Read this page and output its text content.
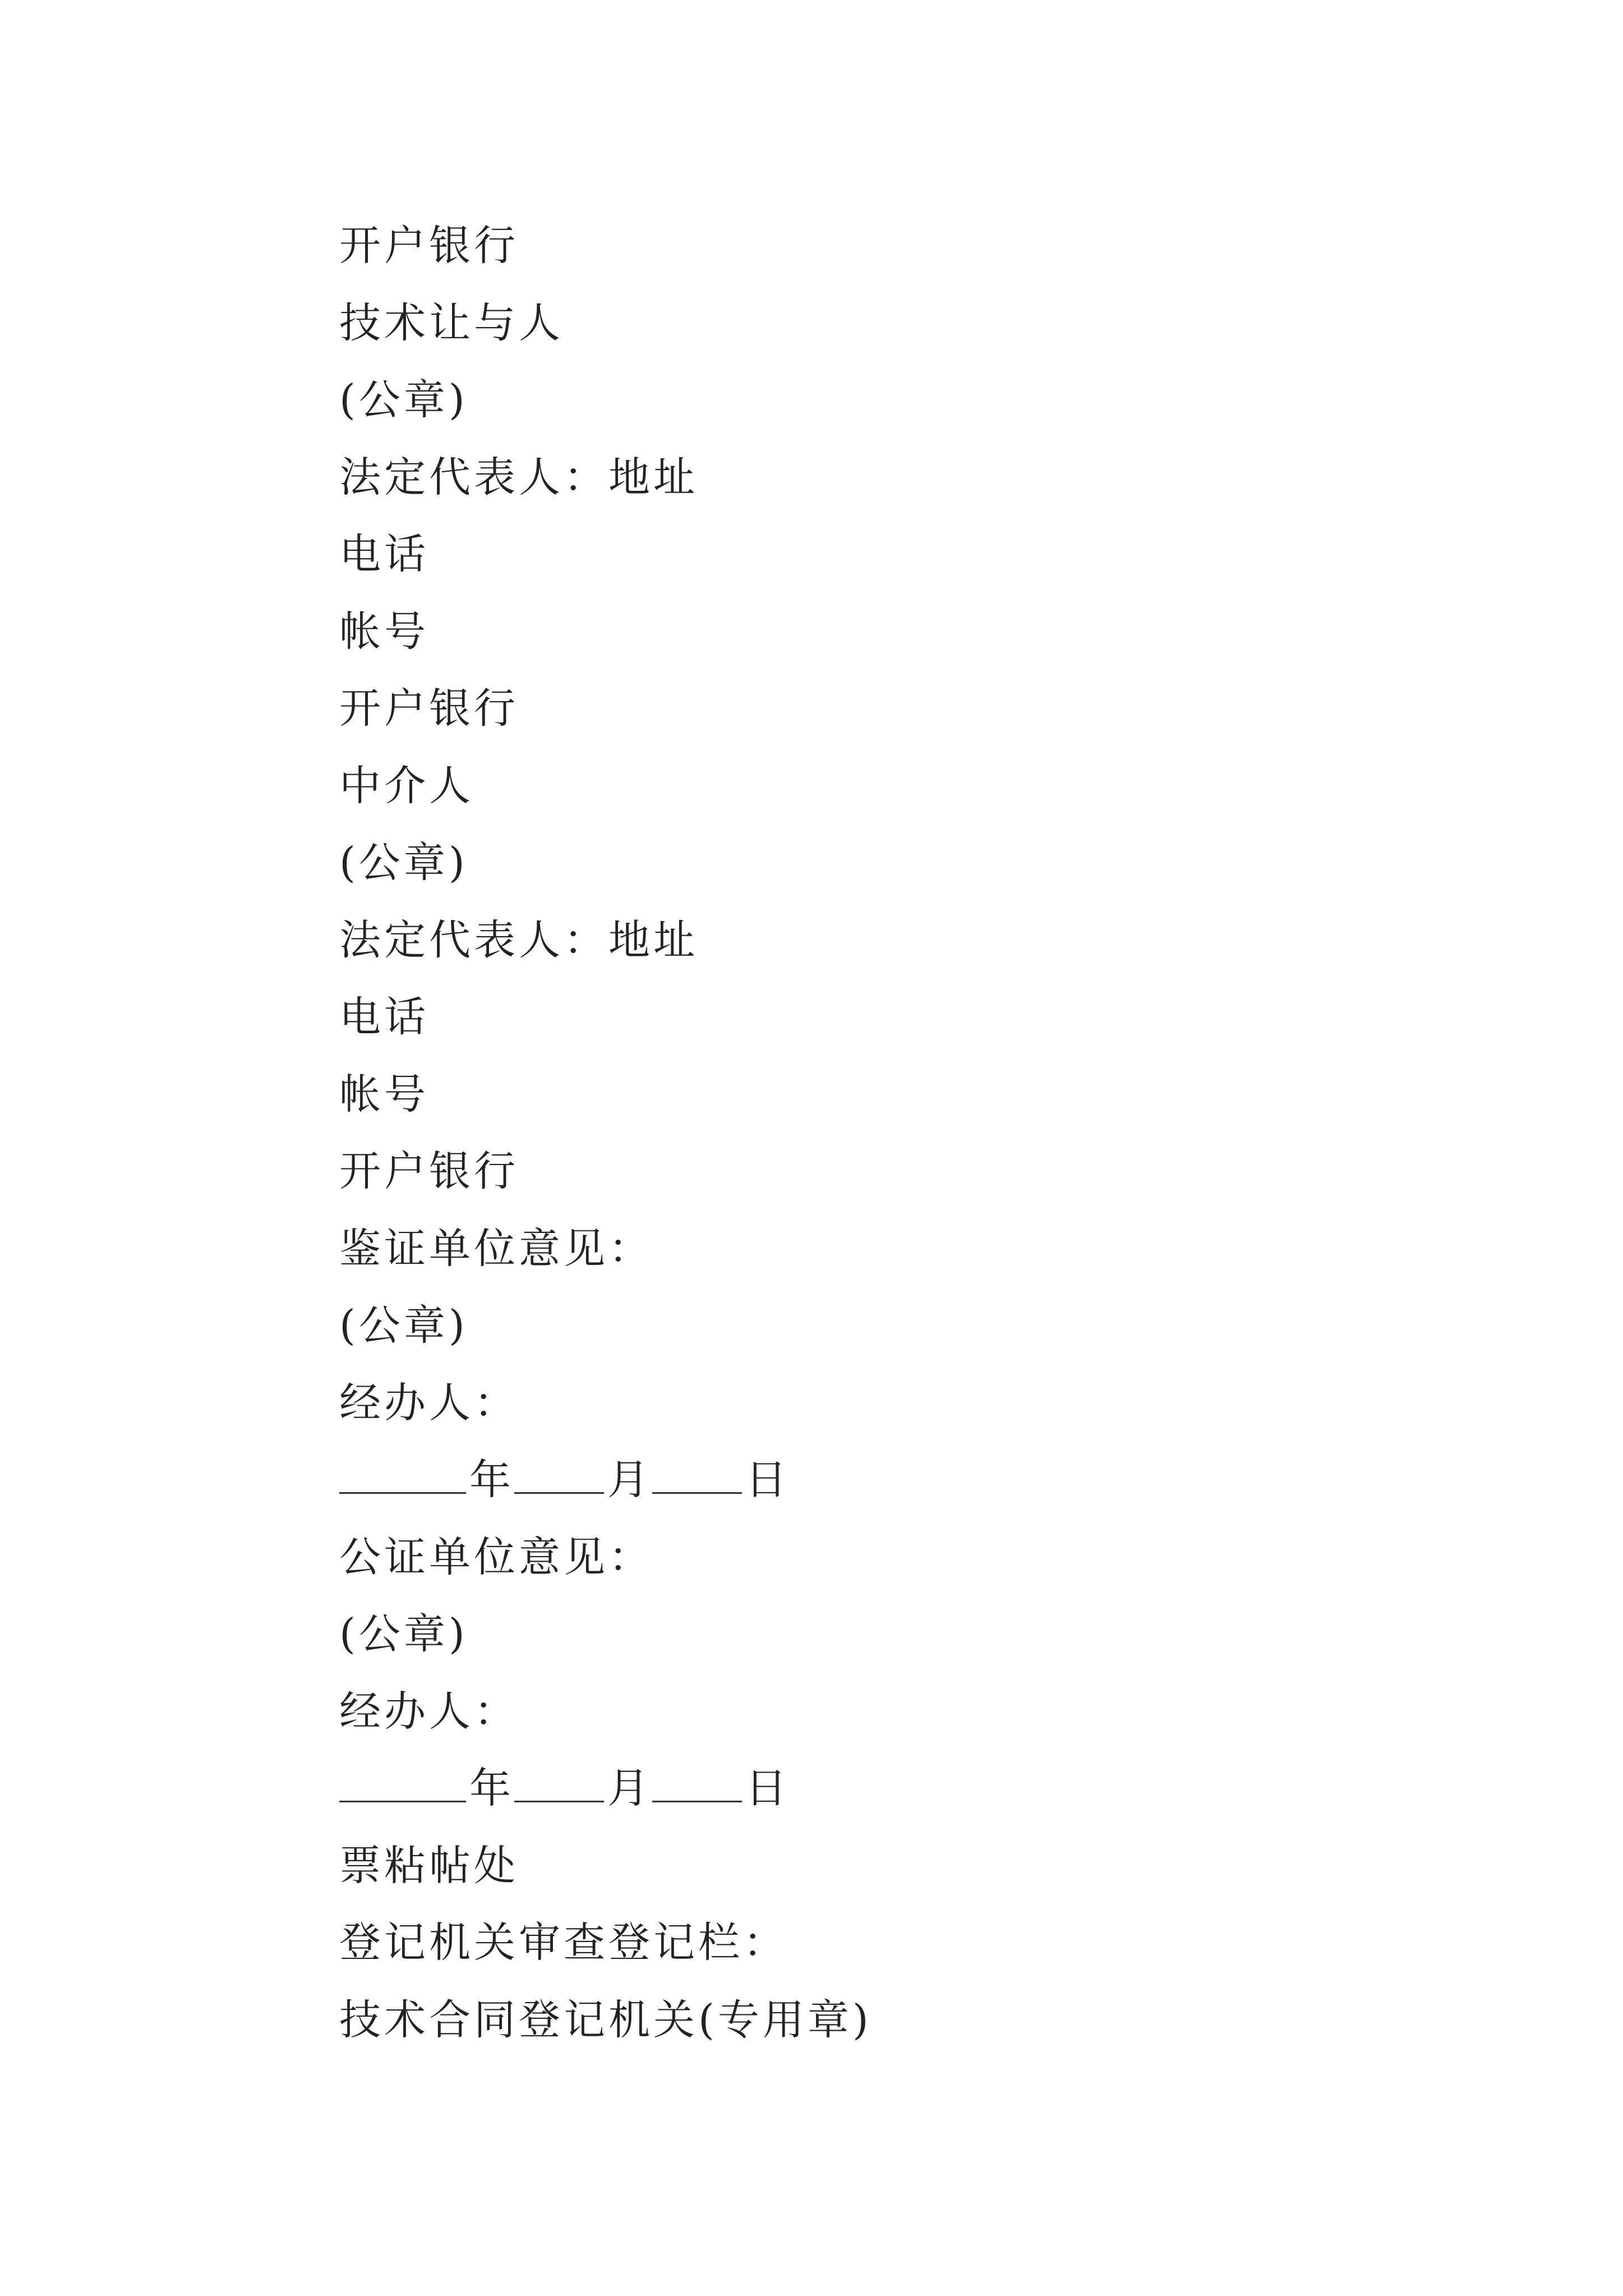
开户银行
技术让与人
(公章)
法定代表人：地址
电话
帐号
开户银行
中介人
(公章)
法定代表人：地址
电话
帐号
开户银行
鉴证单位意见：
(公章)
经办人：
年 月 日
公证单位意见：
(公章)
经办人：
年 月 日
票粘帖处
登记机关审查登记栏：
技术合同登记机关(专用章)
